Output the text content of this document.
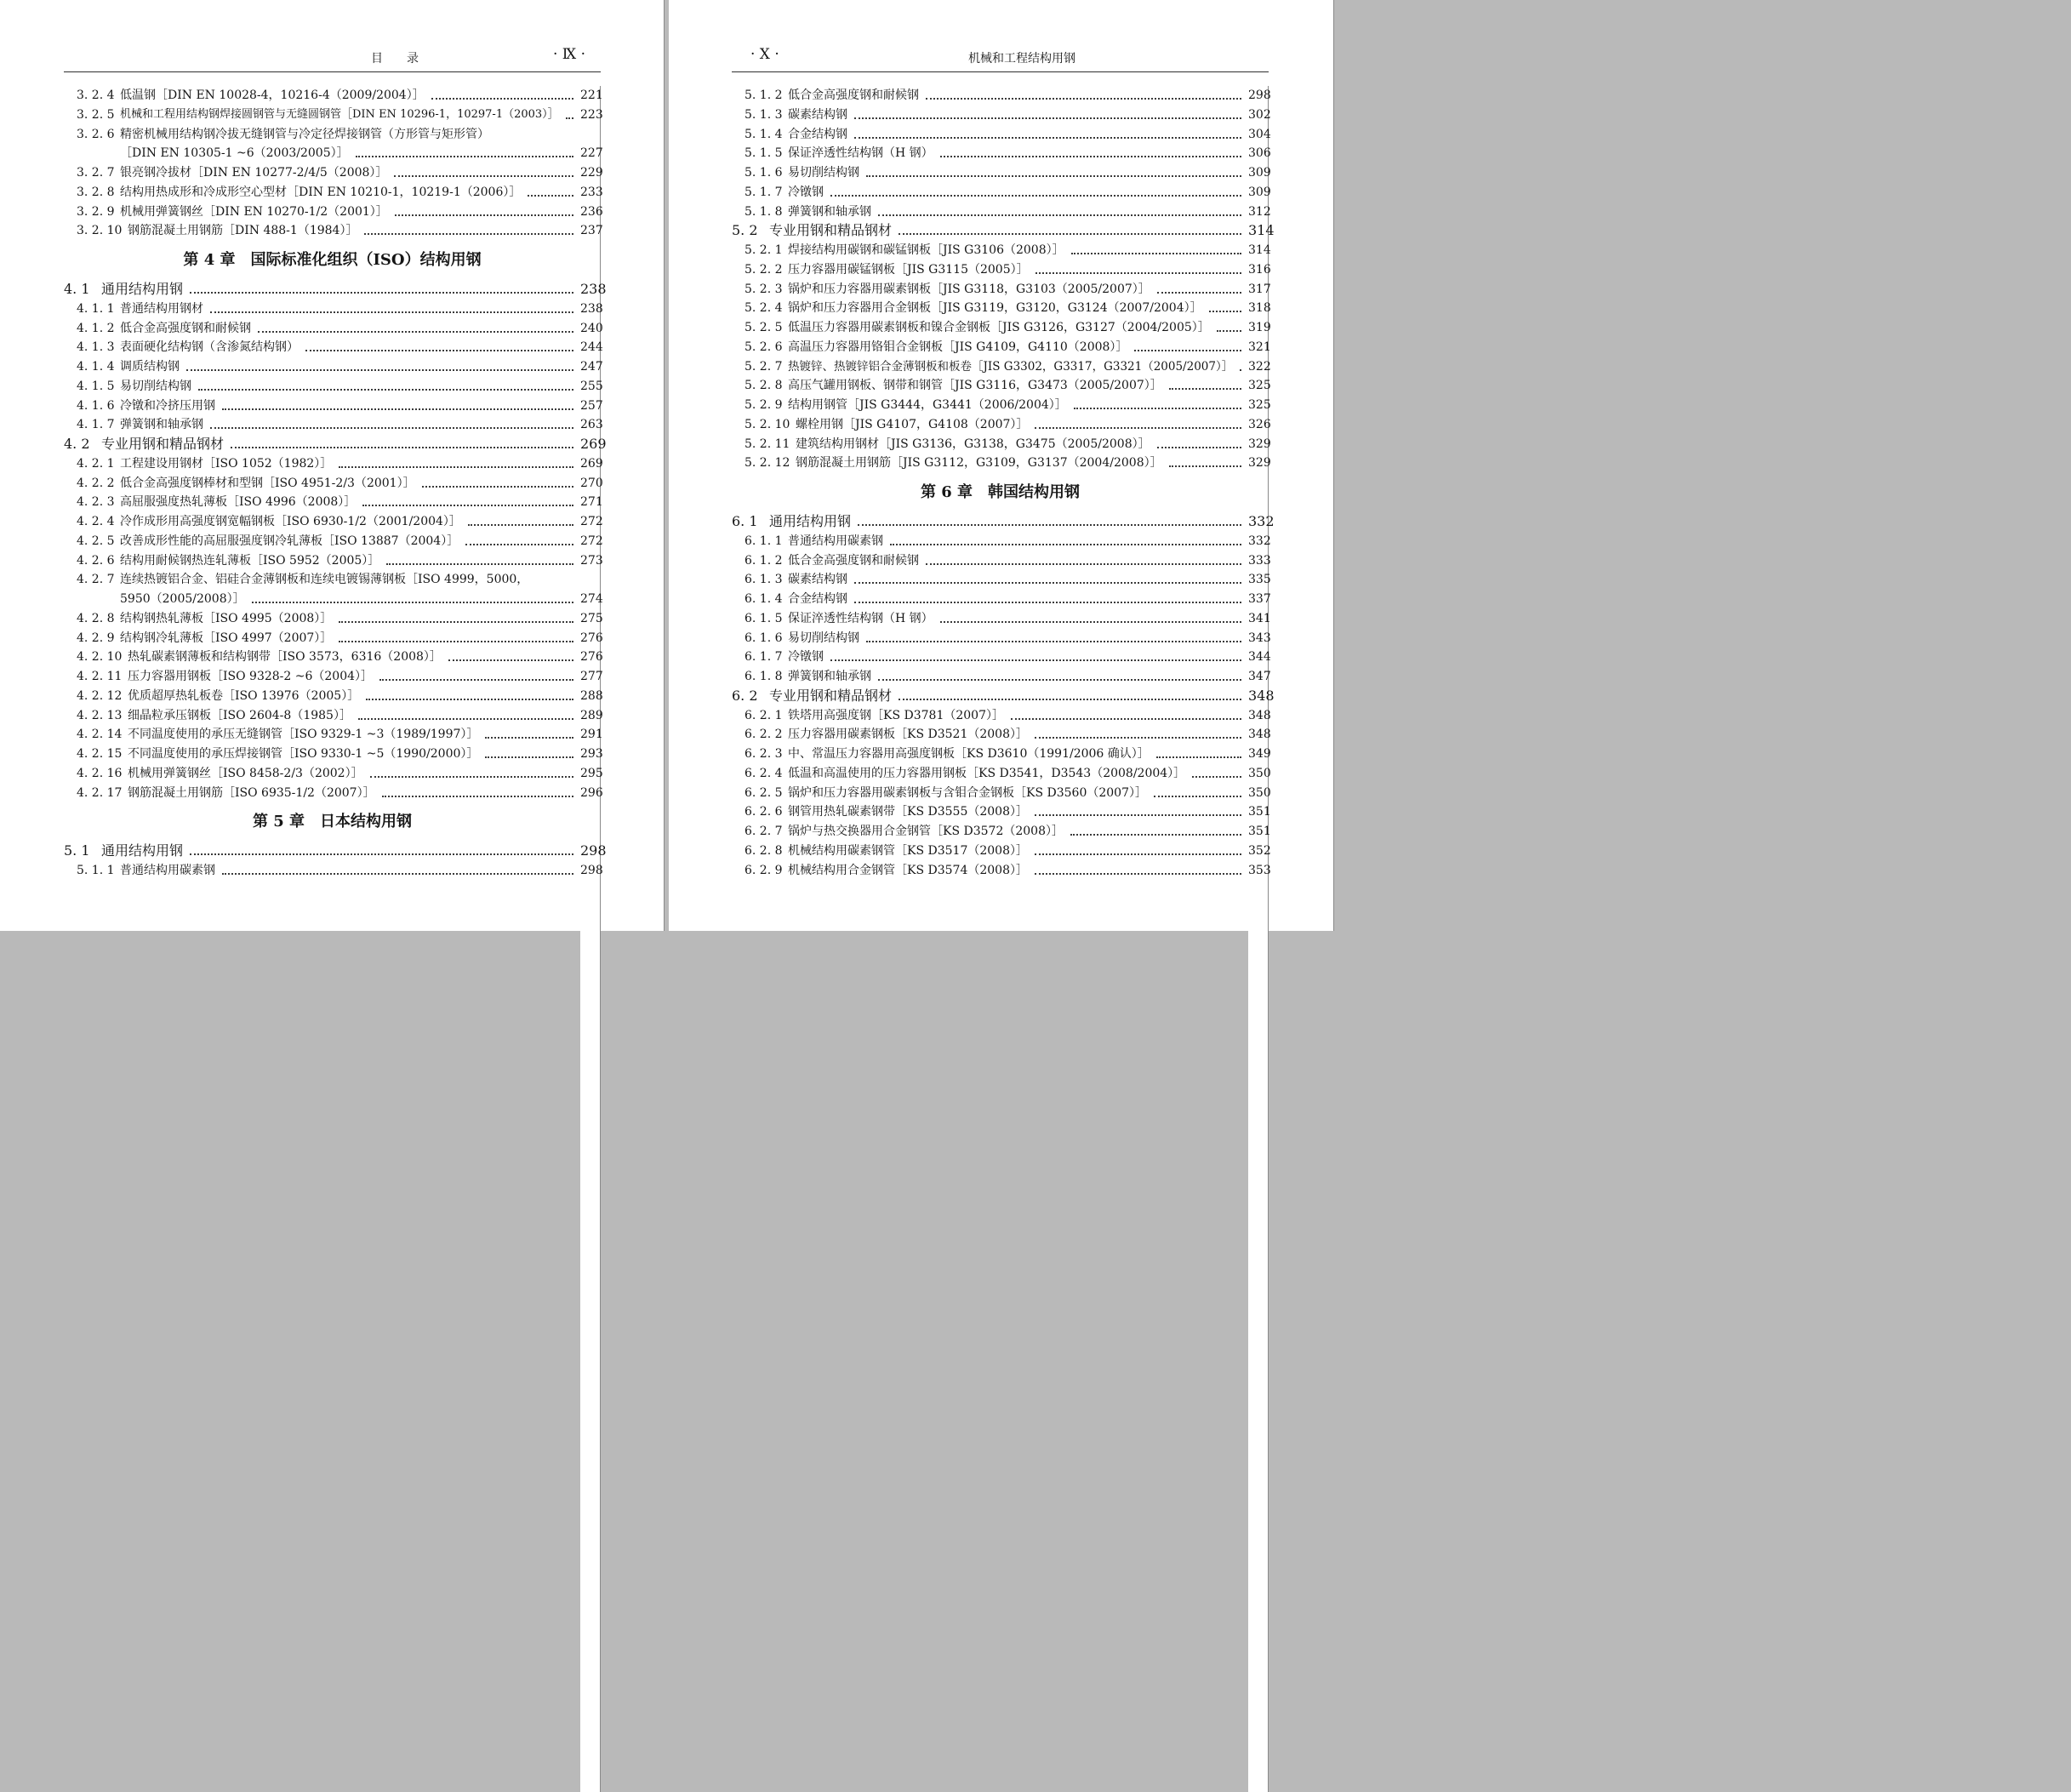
目　　录	· Ⅸ ·
3. 2. 4 低温钢［DIN EN 10028-4，10216-4（2009/2004）］	221
3. 2. 5 机械和工程用结构钢焊接圆钢管与无缝圆钢管［DIN EN 10296-1，10297-1（2003）］ 223
3. 2. 6 精密机械用结构钢冷拔无缝钢管与冷定径焊接钢管（方形管与矩形管）
［DIN EN 10305-1 ~6（2003/2005）］	227
3. 2. 7 银亮钢冷拔材［DIN EN 10277-2/4/5（2008）］	229
3. 2. 8 结构用热成形和冷成形空心型材［DIN EN 10210-1，10219-1（2006）］	233
3. 2. 9 机械用弹簧钢丝［DIN EN 10270-1/2（2001）］	236
3. 2. 10 钢筋混凝土用钢筋［DIN 488-1（1984）］	237
第 4 章　国际标准化组织（ISO）结构用钢
4. 1 通用结构用钢	238
4. 1. 1 普通结构用钢材	238
4. 1. 2 低合金高强度钢和耐候钢	240
4. 1. 3 表面硬化结构钢（含渗氮结构钢）	244
4. 1. 4 调质结构钢	247
4. 1. 5 易切削结构钢	255
4. 1. 6 冷镦和冷挤压用钢	257
4. 1. 7 弹簧钢和轴承钢	263
4. 2 专业用钢和精品钢材	269
4. 2. 1 工程建设用钢材［ISO 1052（1982）］	269
4. 2. 2 低合金高强度钢棒材和型钢［ISO 4951-2/3（2001）］	270
4. 2. 3 高屈服强度热轧薄板［ISO 4996（2008）］	271
4. 2. 4 冷作成形用高强度钢宽幅钢板［ISO 6930-1/2（2001/2004）］	272
4. 2. 5 改善成形性能的高屈服强度钢冷轧薄板［ISO 13887（2004）］	272
4. 2. 6 结构用耐候钢热连轧薄板［ISO 5952（2005）］	273
4. 2. 7 连续热镀铝合金、铝硅合金薄钢板和连续电镀锡薄钢板［ISO 4999，5000，
5950（2005/2008）］	274
4. 2. 8 结构钢热轧薄板［ISO 4995（2008）］	275
4. 2. 9 结构钢冷轧薄板［ISO 4997（2007）］	276
4. 2. 10 热轧碳素钢薄板和结构钢带［ISO 3573，6316（2008）］	276
4. 2. 11 压力容器用钢板［ISO 9328-2 ~6（2004）］	277
4. 2. 12 优质超厚热轧板卷［ISO 13976（2005）］	288
4. 2. 13 细晶粒承压钢板［ISO 2604-8（1985）］	289
4. 2. 14 不同温度使用的承压无缝钢管［ISO 9329-1 ~3（1989/1997）］	291
4. 2. 15 不同温度使用的承压焊接钢管［ISO 9330-1 ~5（1990/2000）］	293
4. 2. 16 机械用弹簧钢丝［ISO 8458-2/3（2002）］	295
4. 2. 17 钢筋混凝土用钢筋［ISO 6935-1/2（2007）］	296
第 5 章　日本结构用钢
5. 1 通用结构用钢	298
5. 1. 1 普通结构用碳素钢	298
· Ⅹ ·	机械和工程结构用钢
5. 1. 2 低合金高强度钢和耐候钢	298
5. 1. 3 碳素结构钢	302
5. 1. 4 合金结构钢	304
5. 1. 5 保证淬透性结构钢（H 钢）	306
5. 1. 6 易切削结构钢	309
5. 1. 7 冷镦钢	309
5. 1. 8 弹簧钢和轴承钢	312
5. 2 专业用钢和精品钢材	314
5. 2. 1 焊接结构用碳钢和碳锰钢板［JIS G3106（2008）］	314
5. 2. 2 压力容器用碳锰钢板［JIS G3115（2005）］	316
5. 2. 3 锅炉和压力容器用碳素钢板［JIS G3118，G3103（2005/2007）］	317
5. 2. 4 锅炉和压力容器用合金钢板［JIS G3119，G3120，G3124（2007/2004）］	318
5. 2. 5 低温压力容器用碳素钢板和镍合金钢板［JIS G3126，G3127（2004/2005）］	319
5. 2. 6 高温压力容器用铬钼合金钢板［JIS G4109，G4110（2008）］	321
5. 2. 7 热镀锌、热镀锌铝合金薄钢板和板卷［JIS G3302，G3317，G3321（2005/2007）］ 322
5. 2. 8 高压气罐用钢板、钢带和钢管［JIS G3116，G3473（2005/2007）］	325
5. 2. 9 结构用钢管［JIS G3444，G3441（2006/2004）］	325
5. 2. 10 螺栓用钢［JIS G4107，G4108（2007）］	326
5. 2. 11 建筑结构用钢材［JIS G3136，G3138，G3475（2005/2008）］	329
5. 2. 12 钢筋混凝土用钢筋［JIS G3112，G3109，G3137（2004/2008）］	329
第 6 章　韩国结构用钢
6. 1 通用结构用钢	332
6. 1. 1 普通结构用碳素钢	332
6. 1. 2 低合金高强度钢和耐候钢	333
6. 1. 3 碳素结构钢	335
6. 1. 4 合金结构钢	337
6. 1. 5 保证淬透性结构钢（H 钢）	341
6. 1. 6 易切削结构钢	343
6. 1. 7 冷镦钢	344
6. 1. 8 弹簧钢和轴承钢	347
6. 2 专业用钢和精品钢材	348
6. 2. 1 铁塔用高强度钢［KS D3781（2007）］	348
6. 2. 2 压力容器用碳素钢板［KS D3521（2008）］	348
6. 2. 3 中、常温压力容器用高强度钢板［KS D3610（1991/2006 确认）］	349
6. 2. 4 低温和高温使用的压力容器用钢板［KS D3541，D3543（2008/2004）］	350
6. 2. 5 锅炉和压力容器用碳素钢板与含钼合金钢板［KS D3560（2007）］	350
6. 2. 6 钢管用热轧碳素钢带［KS D3555（2008）］	351
6. 2. 7 锅炉与热交换器用合金钢管［KS D3572（2008）］	351
6. 2. 8 机械结构用碳素钢管［KS D3517（2008）］	352
6. 2. 9 机械结构用合金钢管［KS D3574（2008）］	353
